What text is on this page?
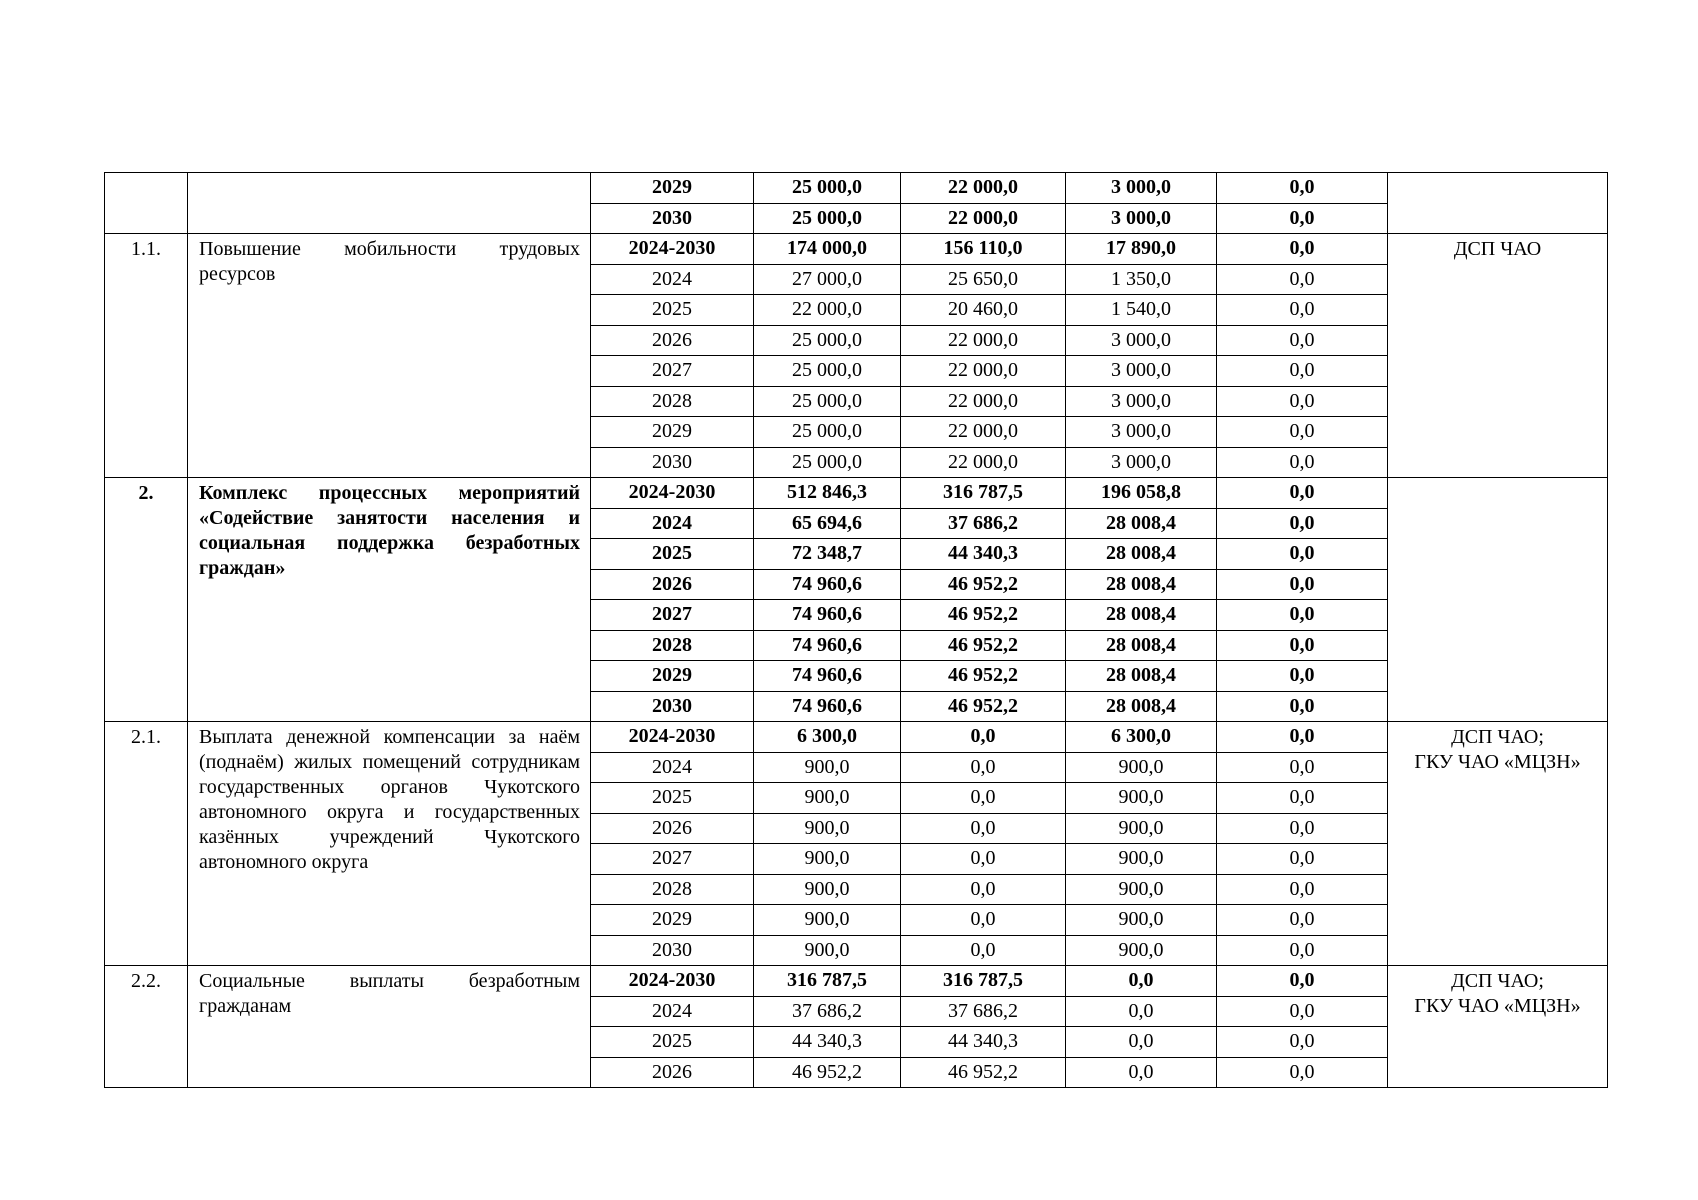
		2029	25 000,0	22 000,0	3 000,0	0,0	
		2030	25 000,0	22 000,0	3 000,0	0,0	
1.1.	Повышение мобильности трудовых ресурсов	2024-2030	174 000,0	156 110,0	17 890,0	0,0	ДСП ЧАО

		2024	27 000,0	25 650,0	1 350,0	0,0	
		2025	22 000,0	20 460,0	1 540,0	0,0	
		2026	25 000,0	22 000,0	3 000,0	0,0	
		2027	25 000,0	22 000,0	3 000,0	0,0	
		2028	25 000,0	22 000,0	3 000,0	0,0	
		2029	25 000,0	22 000,0	3 000,0	0,0	
		2030	25 000,0	22 000,0	3 000,0	0,0	
2.	Комплекс процессных мероприятий «Содействие занятости населения и социальная поддержка безработных граждан»	2024-2030	512 846,3	316 787,5	196 058,8	0,0	
		2024	65 694,6	37 686,2	28 008,4	0,0	
		2025	72 348,7	44 340,3	28 008,4	0,0	
		2026	74 960,6	46 952,2	28 008,4	0,0	
		2027	74 960,6	46 952,2	28 008,4	0,0	
		2028	74 960,6	46 952,2	28 008,4	0,0	
		2029	74 960,6	46 952,2	28 008,4	0,0	
		2030	74 960,6	46 952,2	28 008,4	0,0	
2.1.	Выплата денежной компенсации за наём (поднаём) жилых помещений сотрудникам государственных органов Чукотского автономного округа и государственных казённых учреждений Чукотского автономного округа	2024-2030	6 300,0	0,0	6 300,0	0,0	ДСП ЧАО;
ГКУ ЧАО «МЦЗН»

		2024	900,0	0,0	900,0	0,0	
		2025	900,0	0,0	900,0	0,0	
		2026	900,0	0,0	900,0	0,0	
		2027	900,0	0,0	900,0	0,0	
		2028	900,0	0,0	900,0	0,0	
		2029	900,0	0,0	900,0	0,0	
		2030	900,0	0,0	900,0	0,0	
2.2.	Социальные выплаты безработным гражданам	2024-2030	316 787,5	316 787,5	0,0	0,0	ДСП ЧАО;
ГКУ ЧАО «МЦЗН»

		2024	37 686,2	37 686,2	0,0	0,0	
		2025	44 340,3	44 340,3	0,0	0,0	
		2026	46 952,2	46 952,2	0,0	0,0	
